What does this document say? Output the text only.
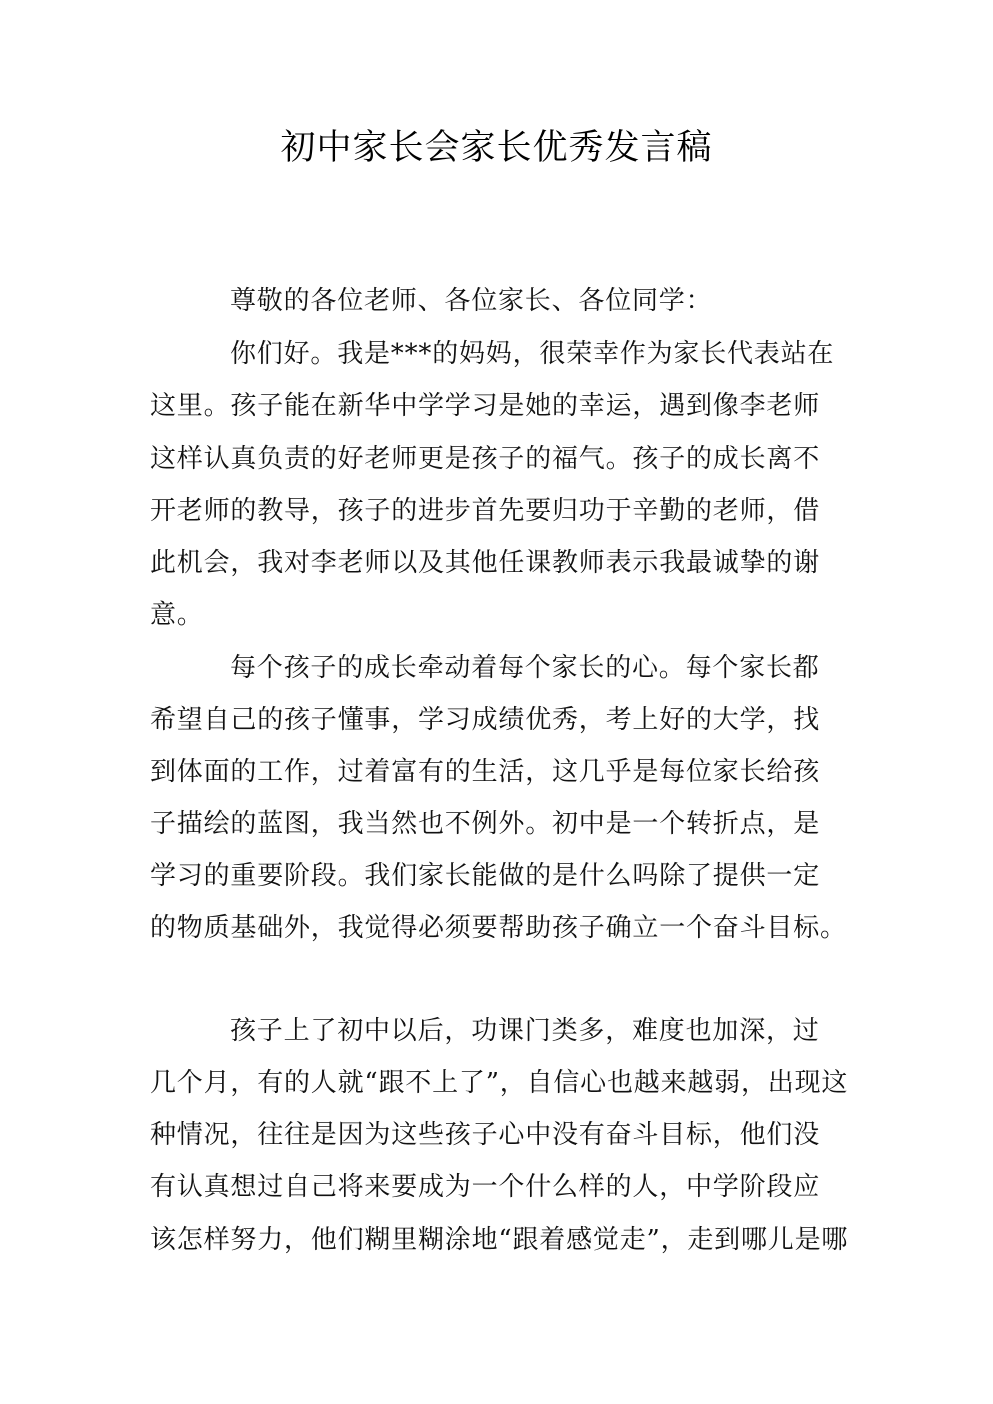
初中家长会家长优秀发言稿
尊敬的各位老师、各位家长、各位同学：
你们好。我是***的妈妈，很荣幸作为家长代表站在
这里。孩子能在新华中学学习是她的幸运，遇到像李老师
这样认真负责的好老师更是孩子的福气。孩子的成长离不
开老师的教导，孩子的进步首先要归功于辛勤的老师，借
此机会，我对李老师以及其他任课教师表示我最诚挚的谢
意。
每个孩子的成长牵动着每个家长的心。每个家长都
希望自己的孩子懂事，学习成绩优秀，考上好的大学，找
到体面的工作，过着富有的生活，这几乎是每位家长给孩
子描绘的蓝图，我当然也不例外。初中是一个转折点，是
学习的重要阶段。我们家长能做的是什么吗除了提供一定
的物质基础外，我觉得必须要帮助孩子确立一个奋斗目标。
孩子上了初中以后，功课门类多，难度也加深，过
几个月，有的人就“跟不上了”，自信心也越来越弱，出现这
种情况，往往是因为这些孩子心中没有奋斗目标，他们没
有认真想过自己将来要成为一个什么样的人，中学阶段应
该怎样努力，他们糊里糊涂地“跟着感觉走”，走到哪儿是哪
